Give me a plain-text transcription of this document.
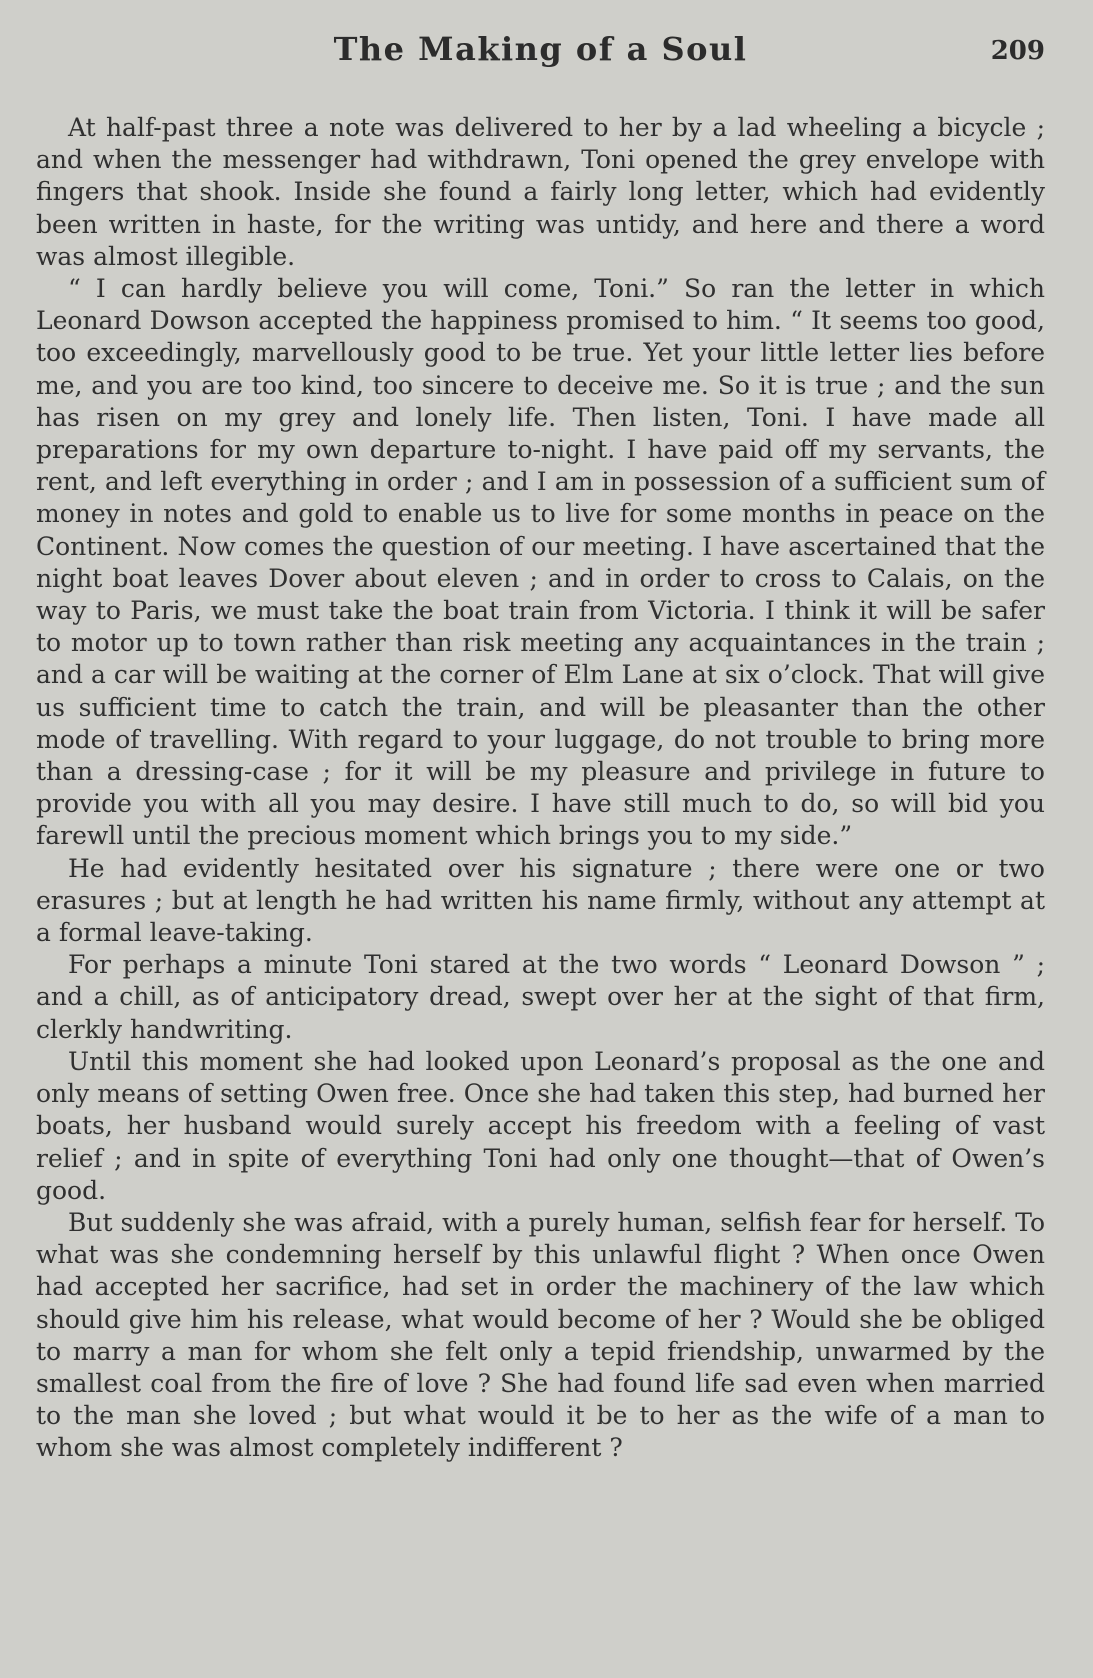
The Making of a Soul	209

At half-past three a note was delivered to her by a lad wheeling a bicycle ; and when the messenger had withdrawn, Toni opened the grey envelope with fingers that shook. Inside she found a fairly long letter, which had evidently been written in haste, for the writing was untidy, and here and there a word was almost illegible.

“ I can hardly believe you will come, Toni.” So ran the letter in which Leonard Dowson accepted the happiness promised to him. “ It seems too good, too exceedingly, marvellously good to be true. Yet your little letter lies before me, and you are too kind, too sincere to deceive me. So it is true ; and the sun has risen on my grey and lonely life. Then listen, Toni. I have made all preparations for my own departure to-night. I have paid off my servants, the rent, and left everything in order ; and I am in possession of a sufficient sum of money in notes and gold to enable us to live for some months in peace on the Continent. Now comes the question of our meeting. I have ascertained that the night boat leaves Dover about eleven ; and in order to cross to Calais, on the way to Paris, we must take the boat train from Victoria. I think it will be safer to motor up to town rather than risk meeting any acquaintances in the train ; and a car will be waiting at the corner of Elm Lane at six o’clock. That will give us sufficient time to catch the train, and will be pleasanter than the other mode of travelling. With regard to your luggage, do not trouble to bring more than a dressing-case ; for it will be my pleasure and privilege in future to provide you with all you may desire. I have still much to do, so will bid you farewll until the precious moment which brings you to my side.”

He had evidently hesitated over his signature ; there were one or two erasures ; but at length he had written his name firmly, without any attempt at a formal leave-taking.

For perhaps a minute Toni stared at the two words “ Leonard Dowson ” ; and a chill, as of anticipatory dread, swept over her at the sight of that firm, clerkly handwriting.

Until this moment she had looked upon Leonard’s proposal as the one and only means of setting Owen free. Once she had taken this step, had burned her boats, her husband would surely accept his freedom with a feeling of vast relief ; and in spite of everything Toni had only one thought—that of Owen’s good.

But suddenly she was afraid, with a purely human, selfish fear for herself. To what was she condemning herself by this unlawful flight ? When once Owen had accepted her sacrifice, had set in order the machinery of the law which should give him his release, what would become of her ? Would she be obliged to marry a man for whom she felt only a tepid friendship, unwarmed by the smallest coal from the fire of love ? She had found life sad even when married to the man she loved ; but what would it be to her as the wife of a man to whom she was almost completely indifferent ?
